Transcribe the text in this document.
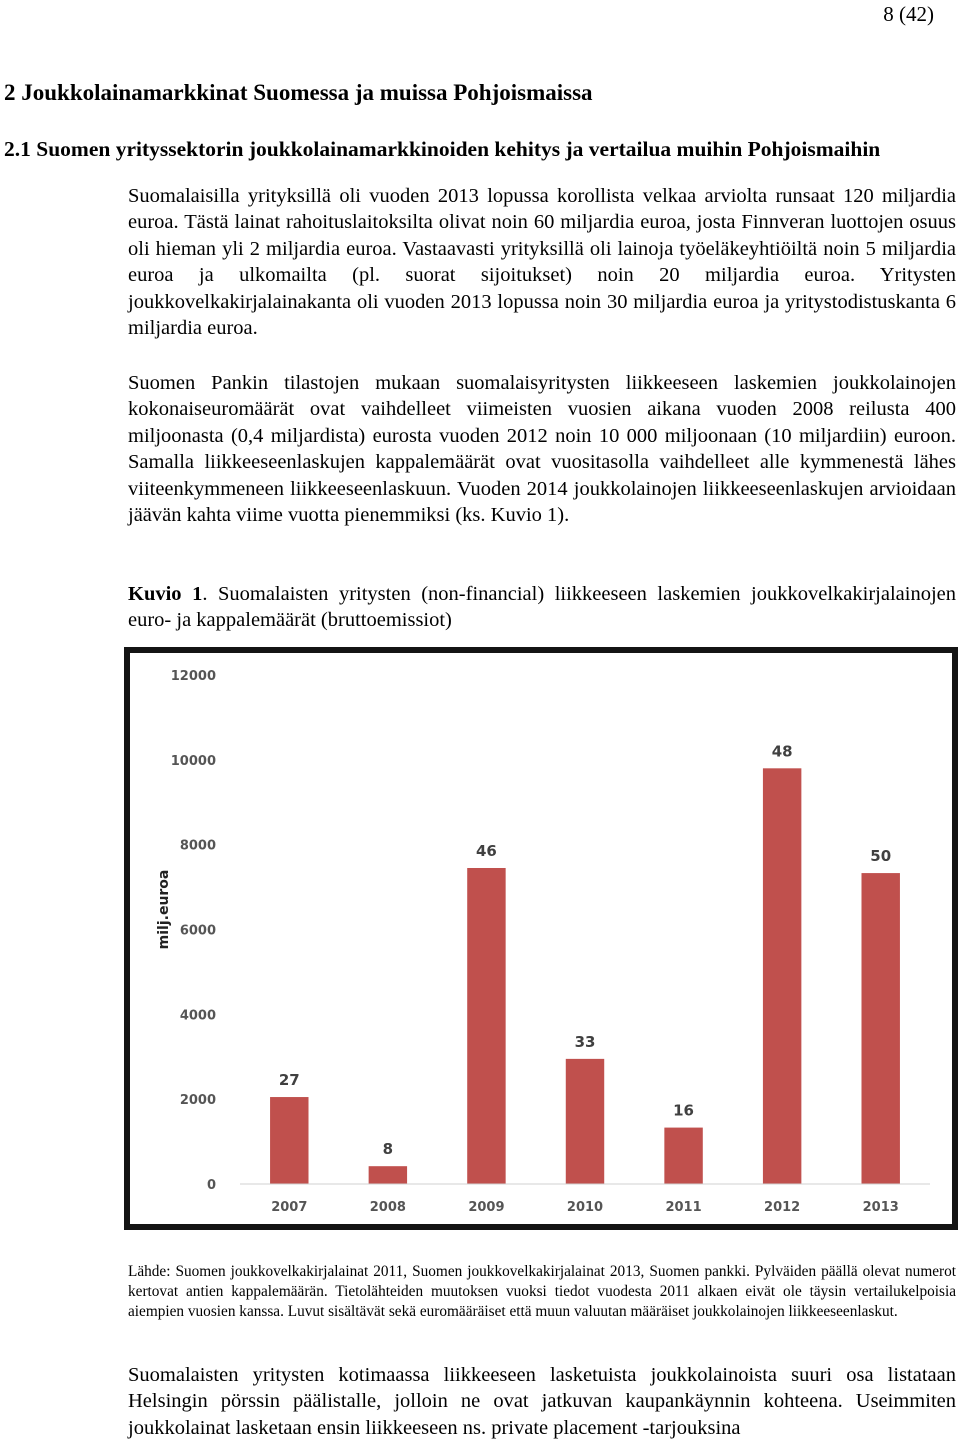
8 (42)
2 Joukkolainamarkkinat Suomessa ja muissa Pohjoismaissa
2.1 Suomen yrityssektorin joukkolainamarkkinoiden kehitys ja vertailua muihin Pohjoismaihin

Suomalaisilla yrityksillä oli vuoden 2013 lopussa korollista velkaa arviolta runsaat 120 miljardia euroa. Tästä lainat rahoituslaitoksilta olivat noin 60 miljardia euroa, josta Finnveran luottojen osuus oli hieman yli 2 miljardia euroa. Vastaavasti yrityksillä oli lainoja työeläkeyhtiöiltä noin 5 miljardia euroa ja ulkomailta (pl. suorat sijoitukset) noin 20 miljardia euroa. Yritysten joukkovelkakirjalainakanta oli vuoden 2013 lopussa noin 30 miljardia euroa ja yritystodistuskanta 6 miljardia euroa.

Suomen Pankin tilastojen mukaan suomalaisyritysten liikkeeseen laskemien joukkolainojen kokonaiseuromäärät ovat vaihdelleet viimeisten vuosien aikana vuoden 2008 reilusta 400 miljoonasta (0,4 miljardista) eurosta vuoden 2012 noin 10 000 miljoonaan (10 miljardiin) euroon. Samalla liikkeeseenlaskujen kappalemäärät ovat vuositasolla vaihdelleet alle kymmenestä lähes viiteenkymmeneen liikkeeseenlaskuun. Vuoden 2014 joukkolainojen liikkeeseenlaskujen arvioidaan jäävän kahta viime vuotta pienemmiksi (ks. Kuvio 1).

Kuvio 1. Suomalaisten yritysten (non-financial) liikkeeseen laskemien joukkovelkakirjalainojen euro- ja kappalemäärät (bruttoemissiot)
0
2000
4000
6000
8000
10000
12000
27
8
46
33
16
48
50
2007	2008	2009	2010	2011	2012	2013
milj.euroa

Lähde: Suomen joukkovelkakirjalainat 2011, Suomen joukkovelkakirjalainat 2013, Suomen pankki. Pylväiden päällä olevat numerot kertovat antien kappalemäärän. Tietolähteiden muutoksen vuoksi tiedot vuodesta 2011 alkaen eivät ole täysin vertailukelpoisia aiempien vuosien kanssa. Luvut sisältävät sekä euromääräiset että muun valuutan määräiset joukkolainojen liikkeeseenlaskut.

Suomalaisten yritysten kotimaassa liikkeeseen lasketuista joukkolainoista suuri osa listataan Helsingin pörssin päälistalle, jolloin ne ovat jatkuvan kaupankäynnin kohteena. Useimmiten joukkolainat lasketaan ensin liikkeeseen ns. private placement -tarjouksina
